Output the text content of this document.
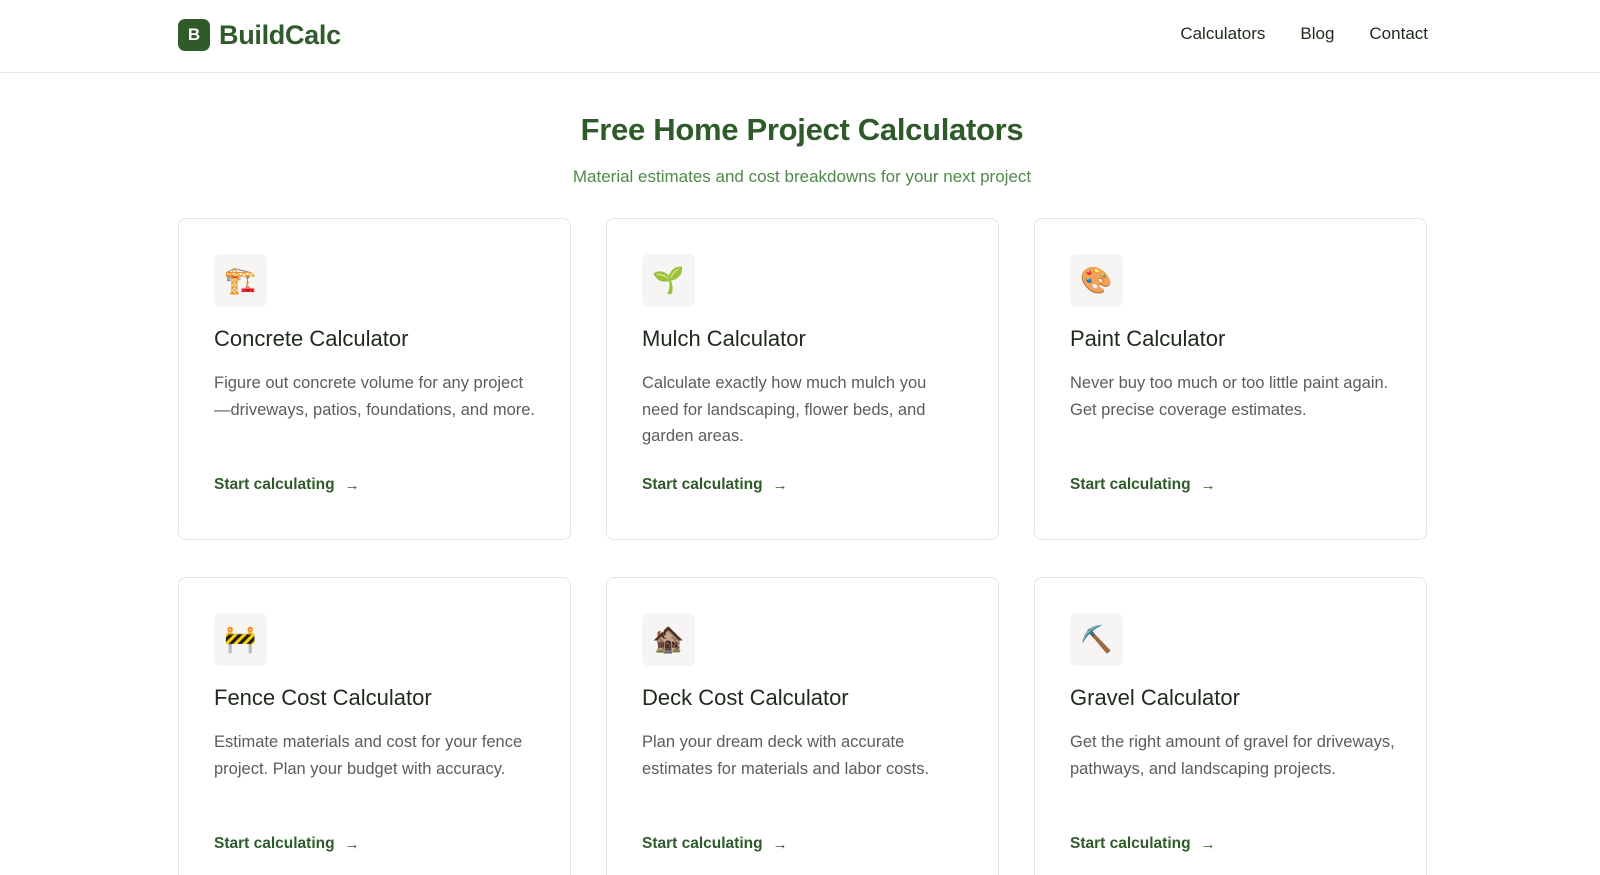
B BuildCalc	Calculators Blog Contact
Free Home Project Calculators

Material estimates and cost breakdowns for your next project

🏗️
Concrete Calculator

Figure out concrete volume for any project—driveways, patios, foundations, and more.

Start calculating →
🌱
Mulch Calculator

Calculate exactly how much mulch you need for landscaping, flower beds, and garden areas.

Start calculating →
🎨
Paint Calculator

Never buy too much or too little paint again. Get precise coverage estimates.

Start calculating →
🚧
Fence Cost Calculator

Estimate materials and cost for your fence project. Plan your budget with accuracy.

Start calculating →
🏚️
Deck Cost Calculator

Plan your dream deck with accurate estimates for materials and labor costs.

Start calculating →
⛏️
Gravel Calculator

Get the right amount of gravel for driveways, pathways, and landscaping projects.

Start calculating →
